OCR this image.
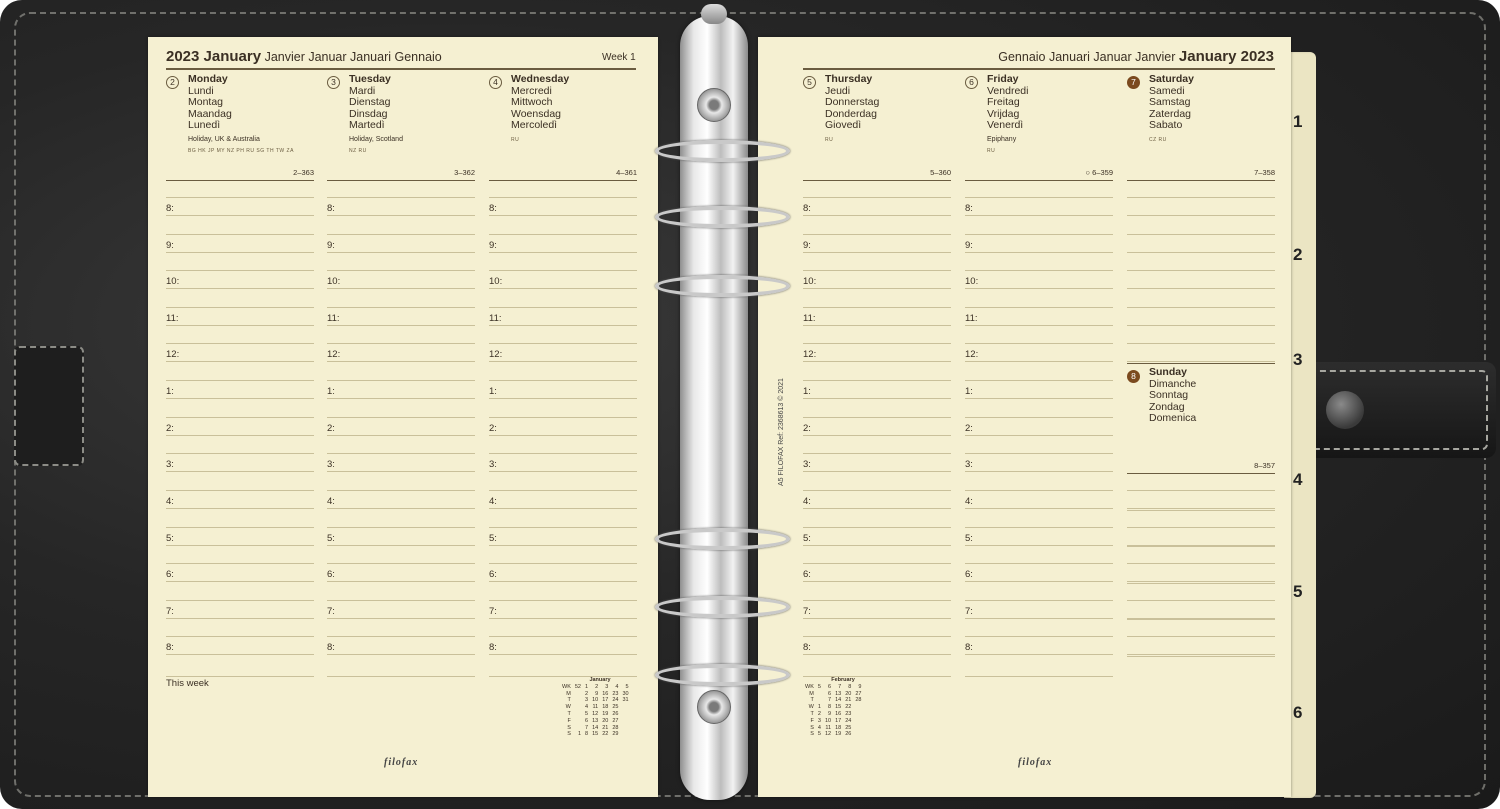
1
2
3
4
5
6
2023 January Janvier Januar Januari Gennaio	Week 1	Gennaio Januari Januar Janvier January 2023
2	Monday
Lundi
Montag
Maandag
Lunedì
Holiday, UK & Australia
BG HK JP MY NZ PH RU SG TH TW ZA
2–363
8:
9:
10:
11:
12:
1:
2:
3:
4:
5:
6:
7:
8:
3	Tuesday
Mardi
Dienstag
Dinsdag
Martedì
Holiday, Scotland
NZ RU
3–362
8:
9:
10:
11:
12:
1:
2:
3:
4:
5:
6:
7:
8:
4	Wednesday
Mercredi
Mittwoch
Woensdag
Mercoledì
RU
4–361
8:
9:
10:
11:
12:
1:
2:
3:
4:
5:
6:
7:
8:
5	Thursday
Jeudi
Donnerstag
Donderdag
Giovedì
RU
5–360
8:
9:
10:
11:
12:
1:
2:
3:
4:
5:
6:
7:
8:
6	Friday
Vendredi
Freitag
Vrijdag
Venerdì
Epiphany
RU
○ 6–359
8:
9:
10:
11:
12:
1:
2:
3:
4:
5:
6:
7:
8:
7	Saturday
Samedi
Samstag
Zaterdag
Sabato
CZ RU
7–358
8	Sunday
Dimanche
Sonntag
Zondag
Domenica
8–357
This week	January
WK	52	1	2	3	4	5
M		2	9	16	23	30
T		3	10	17	24	31
W		4	11	18	25	
T		5	12	19	26	
F		6	13	20	27	
S		7	14	21	28	
S	1	8	15	22	29	
February
WK	5	6	7	8	9
M		6	13	20	27
T		7	14	21	28
W	1	8	15	22	
T	2	9	16	23	
F	3	10	17	24	
S	4	11	18	25	
S	5	12	19	26	
filofax	filofax
A5 FILOFAX Ref: 2368613 © 2021
